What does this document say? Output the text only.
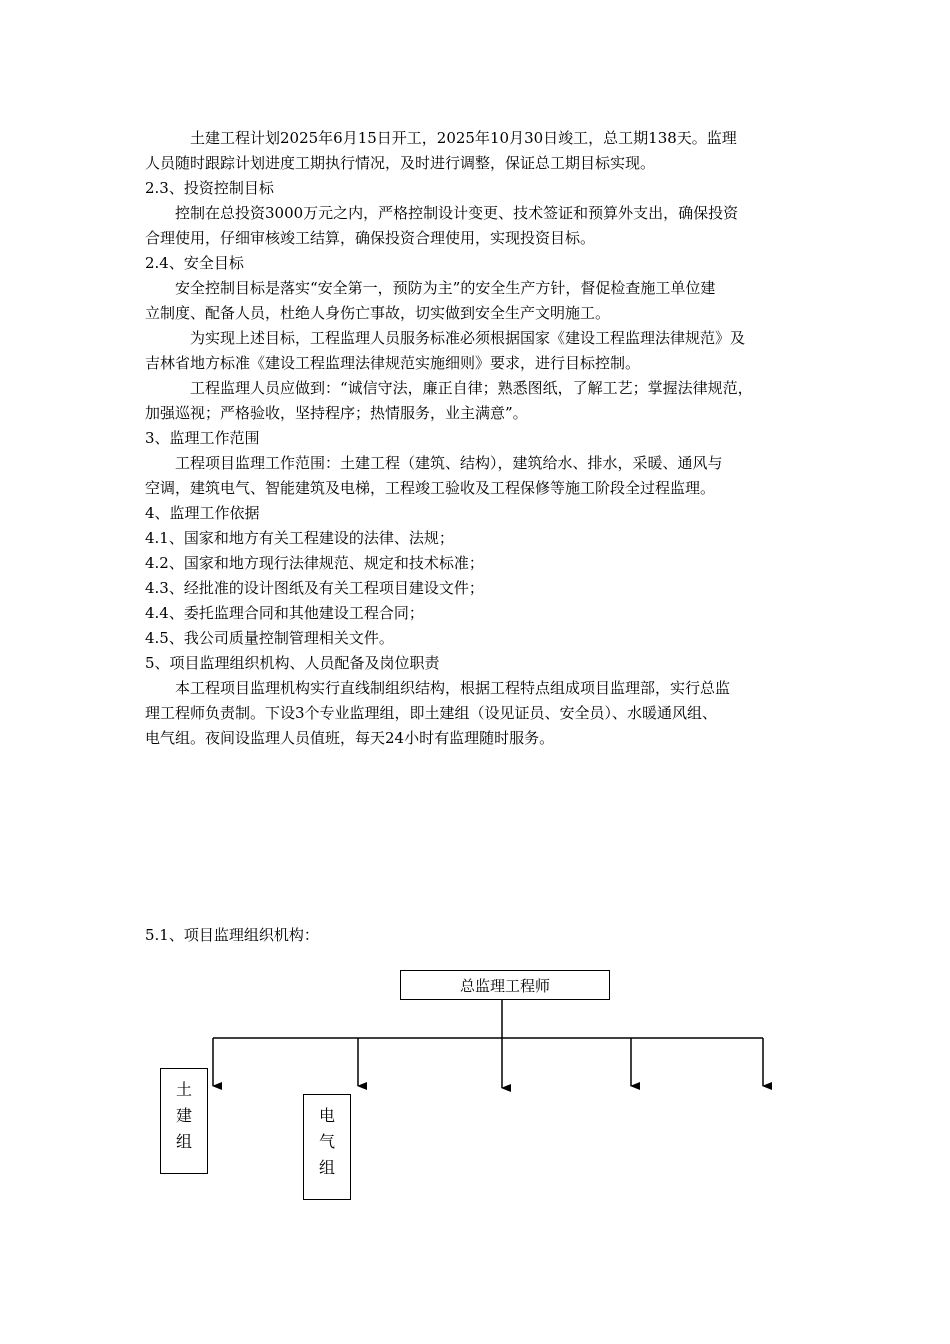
　　　土建工程计划2025年6月15日开工，2025年10月30日竣工，总工期138天。监理
人员随时跟踪计划进度工期执行情况，及时进行调整，保证总工期目标实现。
2.3、投资控制目标
　　控制在总投资3000万元之内，严格控制设计变更、技术签证和预算外支出，确保投资
合理使用，仔细审核竣工结算，确保投资合理使用，实现投资目标。
2.4、安全目标
　　安全控制目标是落实“安全第一，预防为主”的安全生产方针，督促检查施工单位建
立制度、配备人员，杜绝人身伤亡事故，切实做到安全生产文明施工。
　　　为实现上述目标，工程监理人员服务标准必须根据国家《建设工程监理法律规范》及
吉林省地方标准《建设工程监理法律规范实施细则》要求，进行目标控制。
　　　工程监理人员应做到：“诚信守法，廉正自律；熟悉图纸，了解工艺；掌握法律规范，
加强巡视；严格验收，坚持程序；热情服务，业主满意”。
3、监理工作范围
　　工程项目监理工作范围：土建工程（建筑、结构），建筑给水、排水，采暖、通风与
空调，建筑电气、智能建筑及电梯，工程竣工验收及工程保修等施工阶段全过程监理。
4、监理工作依据
4.1、国家和地方有关工程建设的法律、法规；
4.2、国家和地方现行法律规范、规定和技术标准；
4.3、经批准的设计图纸及有关工程项目建设文件；
4.4、委托监理合同和其他建设工程合同；
4.5、我公司质量控制管理相关文件。
5、项目监理组织机构、人员配备及岗位职责
　　本工程项目监理机构实行直线制组织结构，根据工程特点组成项目监理部，实行总监
理工程师负责制。下设3个专业监理组，即土建组（设见证员、安全员）、水暖通风组、
电气组。夜间设监理人员值班，每天24小时有监理随时服务。
5.1、项目监理组织机构：
总监理工程师
土
建
组
电
气
组
